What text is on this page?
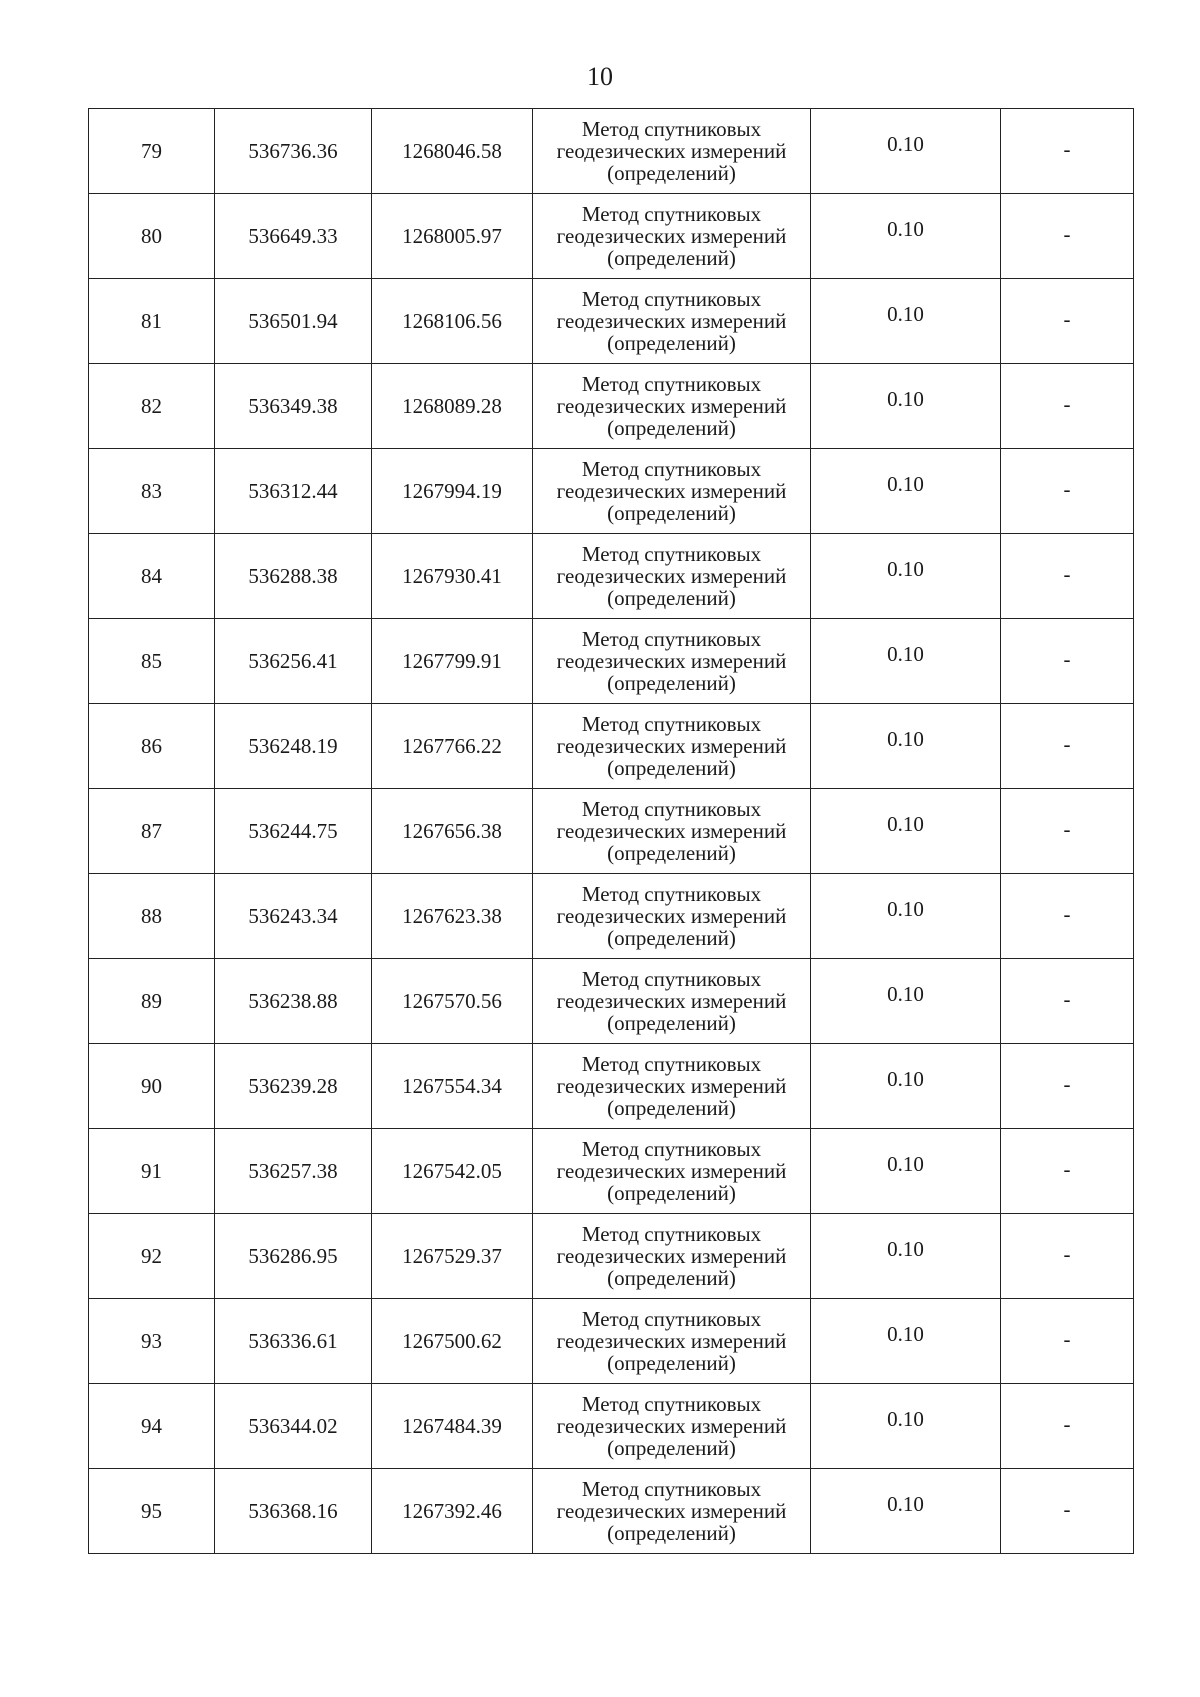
10
79	536736.36	1268046.58	Метод спутниковых
геодезических измерений
(определений)	0.10	-
80	536649.33	1268005.97	Метод спутниковых
геодезических измерений
(определений)	0.10	-
81	536501.94	1268106.56	Метод спутниковых
геодезических измерений
(определений)	0.10	-
82	536349.38	1268089.28	Метод спутниковых
геодезических измерений
(определений)	0.10	-
83	536312.44	1267994.19	Метод спутниковых
геодезических измерений
(определений)	0.10	-
84	536288.38	1267930.41	Метод спутниковых
геодезических измерений
(определений)	0.10	-
85	536256.41	1267799.91	Метод спутниковых
геодезических измерений
(определений)	0.10	-
86	536248.19	1267766.22	Метод спутниковых
геодезических измерений
(определений)	0.10	-
87	536244.75	1267656.38	Метод спутниковых
геодезических измерений
(определений)	0.10	-
88	536243.34	1267623.38	Метод спутниковых
геодезических измерений
(определений)	0.10	-
89	536238.88	1267570.56	Метод спутниковых
геодезических измерений
(определений)	0.10	-
90	536239.28	1267554.34	Метод спутниковых
геодезических измерений
(определений)	0.10	-
91	536257.38	1267542.05	Метод спутниковых
геодезических измерений
(определений)	0.10	-
92	536286.95	1267529.37	Метод спутниковых
геодезических измерений
(определений)	0.10	-
93	536336.61	1267500.62	Метод спутниковых
геодезических измерений
(определений)	0.10	-
94	536344.02	1267484.39	Метод спутниковых
геодезических измерений
(определений)	0.10	-
95	536368.16	1267392.46	Метод спутниковых
геодезических измерений
(определений)	0.10	-
